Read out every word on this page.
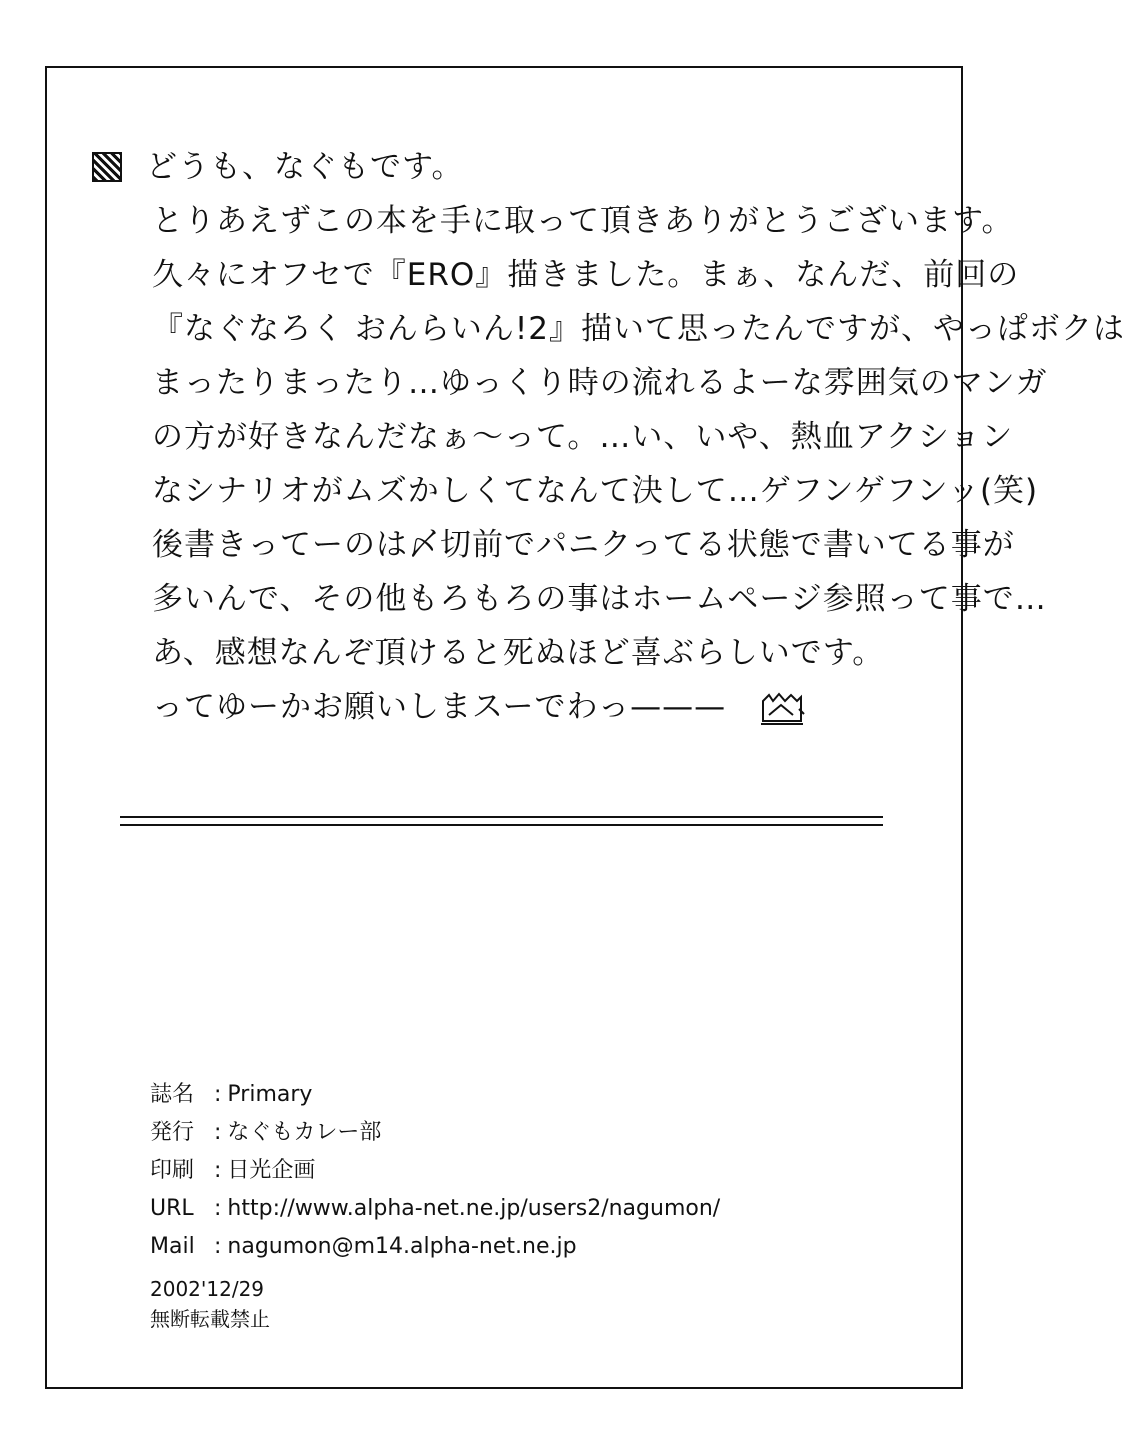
どうも、なぐもです。
とりあえずこの本を手に取って頂きありがとうございます。
久々にオフセで『ERO』描きました。まぁ、なんだ、前回の
『なぐなろく おんらいん!2』描いて思ったんですが、やっぱボクは
まったりまったり…ゆっくり時の流れるよーな雰囲気のマンガ
の方が好きなんだなぁ〜って。…い、いや、熱血アクション
なシナリオがムズかしくてなんて決して…ゲフンゲフンッ(笑)
後書きってーのは〆切前でパニクってる状態で書いてる事が
多いんで、その他もろもろの事はホームページ参照って事で…
あ、感想なんぞ頂けると死ぬほど喜ぶらしいです。
ってゆーかお願いしまスーでわっ———
誌名 : Primary
発行 : なぐもカレー部
印刷 : 日光企画
URL : http://www.alpha-net.ne.jp/users2/nagumon/
Mail : nagumon@m14.alpha-net.ne.jp
2002'12/29
無断転載禁止
